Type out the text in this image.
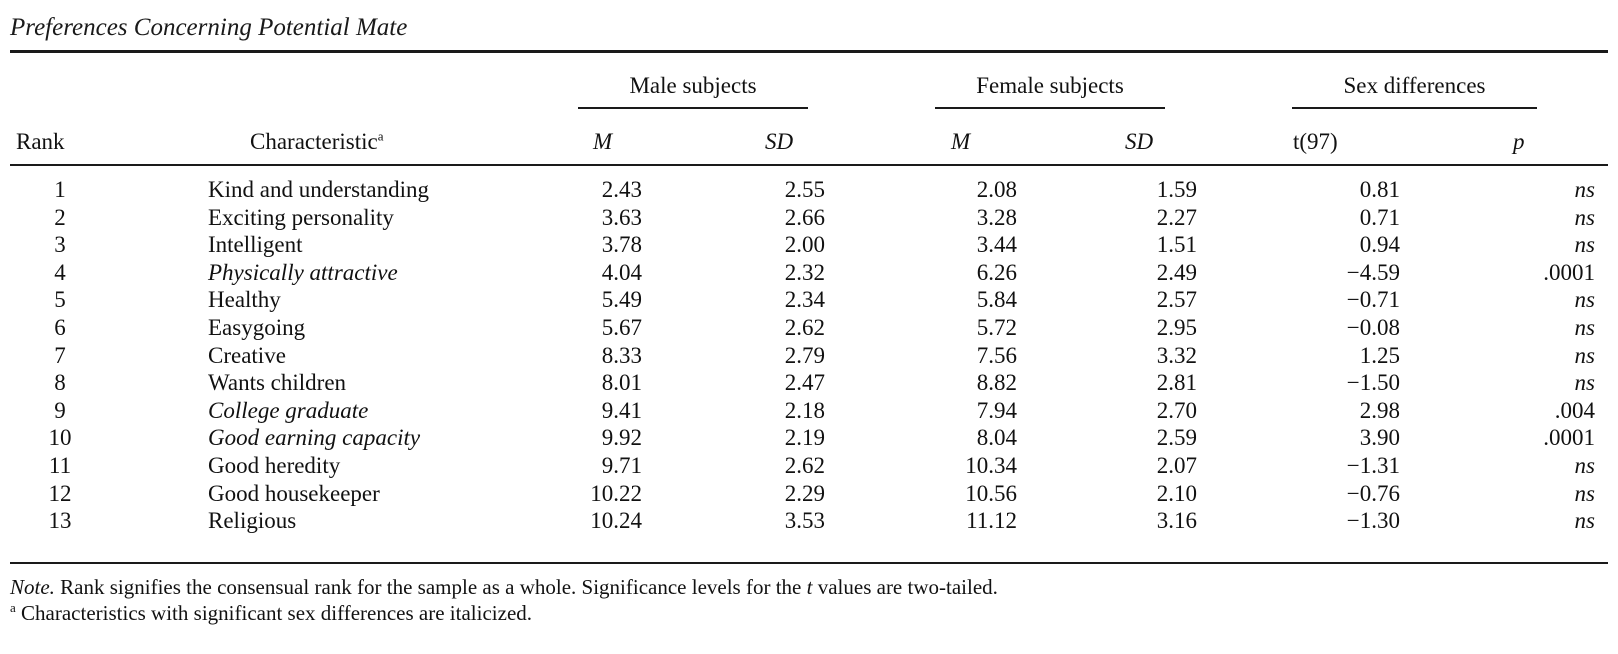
Preferences Concerning Potential Mate
Male subjects	Female subjects	Sex differences
Rank	Characteristic$^a$	M	SD	M	SD	t(97)	p
1	Kind and understanding	2.43	2.55	2.08	1.59	0.81	ns
2	Exciting personality	3.63	2.66	3.28	2.27	0.71	ns
3	Intelligent	3.78	2.00	3.44	1.51	0.94	ns
4	Physically attractive	4.04	2.32	6.26	2.49	−4.59	.0001
5	Healthy	5.49	2.34	5.84	2.57	−0.71	ns
6	Easygoing	5.67	2.62	5.72	2.95	−0.08	ns
7	Creative	8.33	2.79	7.56	3.32	1.25	ns
8	Wants children	8.01	2.47	8.82	2.81	−1.50	ns
9	College graduate	9.41	2.18	7.94	2.70	2.98	.004
10	Good earning capacity	9.92	2.19	8.04	2.59	3.90	.0001
11	Good heredity	9.71	2.62	10.34	2.07	−1.31	ns
12	Good housekeeper	10.22	2.29	10.56	2.10	−0.76	ns
13	Religious	10.24	3.53	11.12	3.16	−1.30	ns
Note. Rank signifies the consensual rank for the sample as a whole. Significance levels for the t values are two-tailed.
$^a$ Characteristics with significant sex differences are italicized.
